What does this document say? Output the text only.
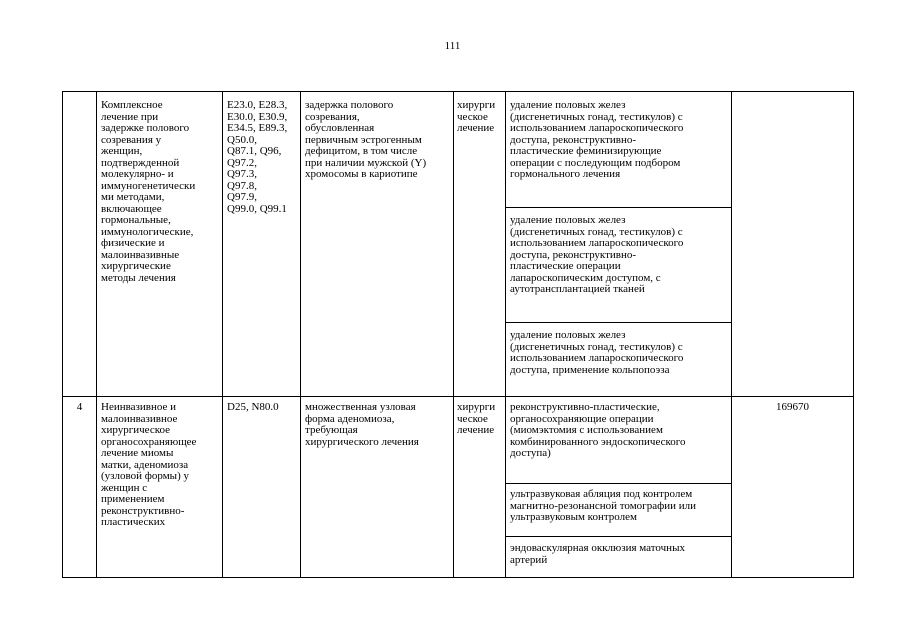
111
Комплексное
лечение при
задержке полового
созревания у
женщин,
подтвержденной
молекулярно- и
иммуногенетически
ми методами,
включающее
гормональные,
иммунологические,
физические и
малоинвазивные
хирургические
методы лечения
E23.0, E28.3,
E30.0, E30.9,
E34.5, E89.3,
Q50.0,
Q87.1, Q96,
Q97.2,
Q97.3,
Q97.8,
Q97.9,
Q99.0, Q99.1
задержка полового
созревания,
обусловленная
первичным эстрогенным
дефицитом, в том числе
при наличии мужской (Y)
хромосомы в кариотипе
хирурги
ческое
лечение
удаление половых желез
(дисгенетичных гонад, тестикулов) с
использованием лапароскопического
доступа, реконструктивно-
пластические феминизирующие
операции с последующим подбором
гормонального лечения
удаление половых желез
(дисгенетичных гонад, тестикулов) с
использованием лапароскопического
доступа, реконструктивно-
пластические операции
лапароскопическим доступом, с
аутотрансплантацией тканей
удаление половых желез
(дисгенетичных гонад, тестикулов) с
использованием лапароскопического
доступа, применение кольпопоэза
4	Неинвазивное и
малоинвазивное
хирургическое
органосохраняющее
лечение миомы
матки, аденомиоза
(узловой формы) у
женщин с
применением
реконструктивно-
пластических
D25, N80.0	множественная узловая
форма аденомиоза,
требующая
хирургического лечения
хирурги
ческое
лечение
реконструктивно-пластические,
органосохраняющие операции
(миомэктомия с использованием
комбинированного эндоскопического
доступа)
ультразвуковая абляция под контролем
магнитно-резонансной томографии или
ультразвуковым контролем
эндоваскулярная окклюзия маточных
артерий
169670
